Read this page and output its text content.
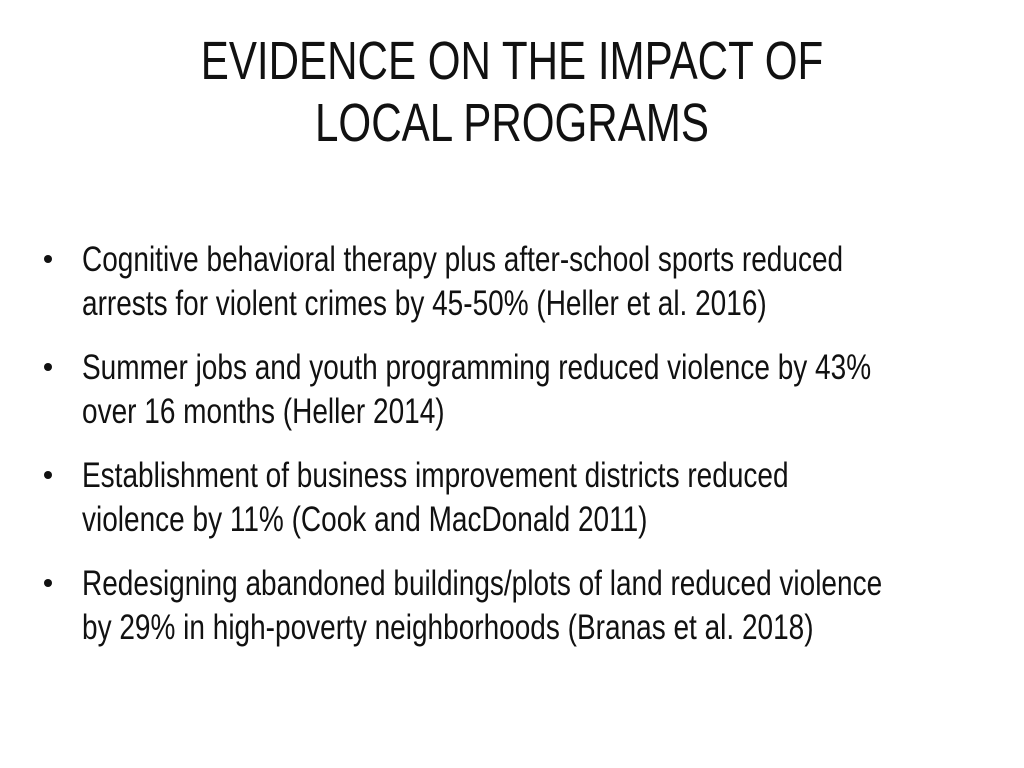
EVIDENCE ON THE IMPACT OF LOCAL PROGRAMS
Cognitive behavioral therapy plus after-school sports reduced
arrests for violent crimes by 45-50% (Heller et al. 2016)
Summer jobs and youth programming reduced violence by 43%
over 16 months (Heller 2014)
Establishment of business improvement districts reduced
violence by 11% (Cook and MacDonald 2011)
Redesigning abandoned buildings/plots of land reduced violence
by 29% in high-poverty neighborhoods (Branas et al. 2018)
